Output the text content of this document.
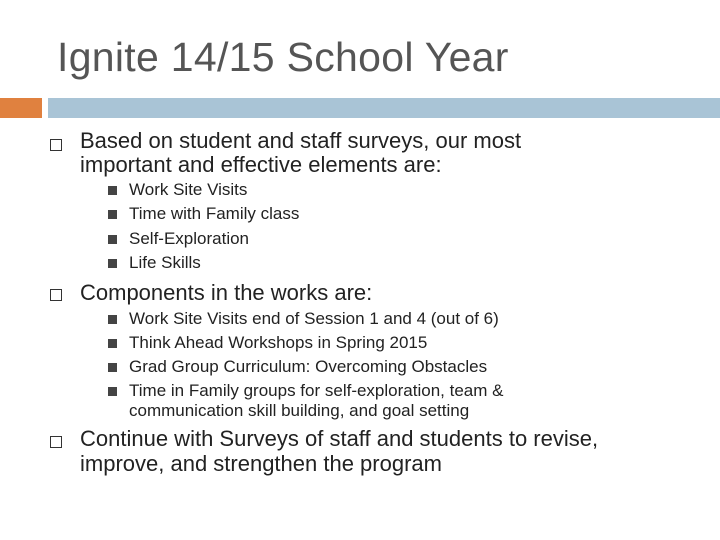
Ignite 14/15 School Year
Based on student and staff surveys, our most
important and effective elements are:
Work Site Visits
Time with Family class
Self-Exploration
Life Skills
Components in the works are:
Work Site Visits end of Session 1 and 4 (out of 6)
Think Ahead Workshops in Spring 2015
Grad Group Curriculum: Overcoming Obstacles
Time in Family groups for self-exploration, team &
communication skill building, and goal setting
Continue with Surveys of staff and students to revise,
improve, and strengthen the program
